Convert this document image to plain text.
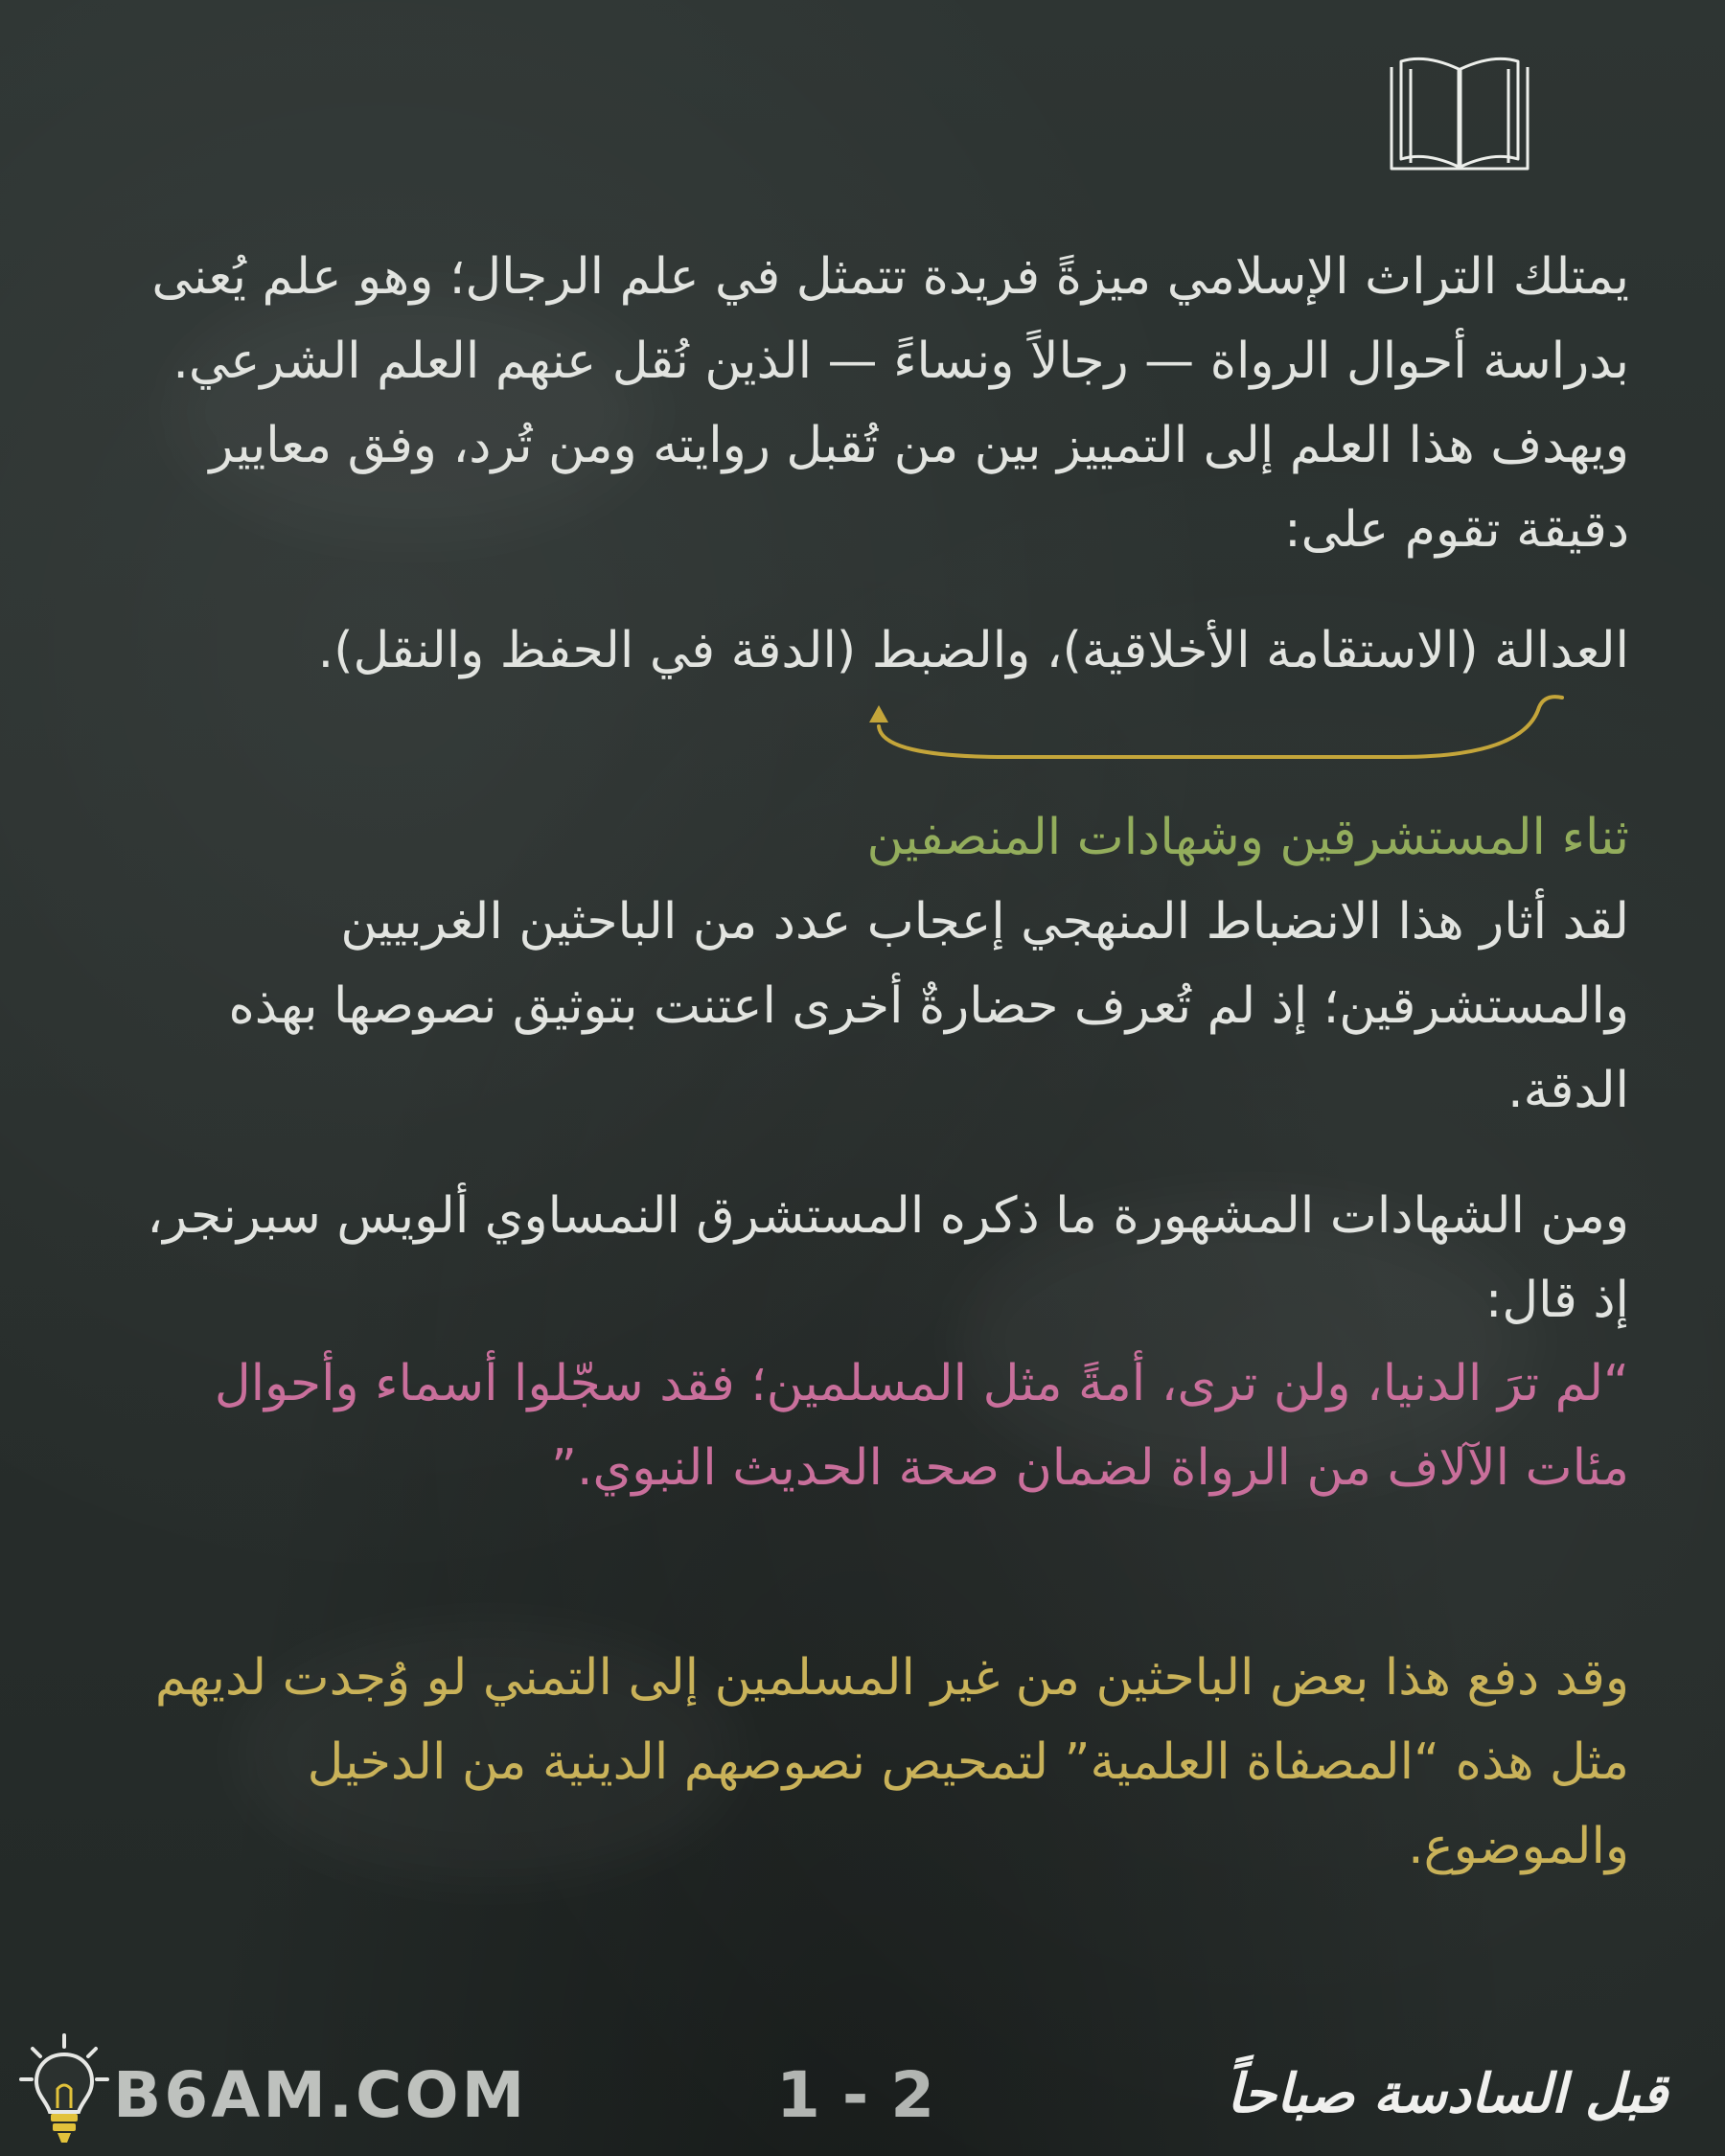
يمتلك التراث الإسلامي ميزةً فريدة تتمثل في علم الرجال؛ وهو علم يُعنى بدراسة أحوال الرواة — رجالاً ونساءً — الذين نُقل عنهم العلم الشرعي. ويهدف هذا العلم إلى التمييز بين من تُقبل روايته ومن تُرد، وفق معايير دقيقة تقوم على:

العدالة (الاستقامة الأخلاقية)، والضبط (الدقة في الحفظ والنقل).

ثناء المستشرقين وشهادات المنصفين

لقد أثار هذا الانضباط المنهجي إعجاب عدد من الباحثين الغربيين والمستشرقين؛ إذ لم تُعرف حضارةٌ أخرى اعتنت بتوثيق نصوصها بهذه الدقة.

ومن الشهادات المشهورة ما ذكره المستشرق النمساوي ألويس سبرنجر، إذ قال:

“لم ترَ الدنيا، ولن ترى، أمةً مثل المسلمين؛ فقد سجّلوا أسماء وأحوال مئات الآلاف من الرواة لضمان صحة الحديث النبوي.”

وقد دفع هذا بعض الباحثين من غير المسلمين إلى التمني لو وُجدت لديهم مثل هذه “المصفاة العلمية” لتمحيص نصوصهم الدينية من الدخيل والموضوع.

B6AM.COM	1 - 2	قبل السادسة صباحاً
